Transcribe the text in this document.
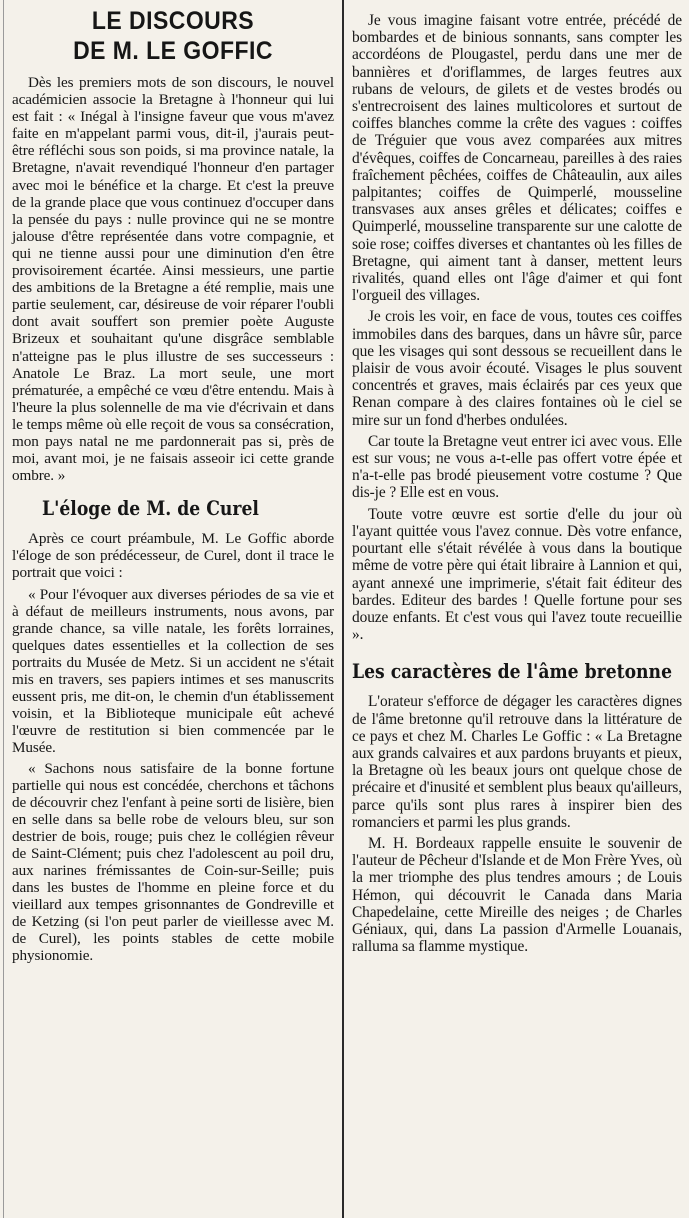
LE DISCOURS
DE M. LE GOFFIC

Dès les premiers mots de son discours, le nouvel académicien associe la Bretagne à l'honneur qui lui est fait : « Inégal à l'insigne faveur que vous m'avez faite en m'appelant parmi vous, dit-il, j'aurais peut-être réfléchi sous son poids, si ma province natale, la Bretagne, n'avait revendiqué l'honneur d'en partager avec moi le bénéfice et la charge. Et c'est la preuve de la grande place que vous continuez d'occuper dans la pensée du pays : nulle province qui ne se montre jalouse d'être représentée dans votre compagnie, et qui ne tienne aussi pour une diminution d'en être provisoirement écartée. Ainsi messieurs, une partie des ambitions de la Bretagne a été remplie, mais une partie seulement, car, désireuse de voir réparer l'oubli dont avait souffert son premier poète Auguste Brizeux et souhaitant qu'une disgrâce semblable n'atteigne pas le plus illustre de ses successeurs : Anatole Le Braz. La mort seule, une mort prématurée, a empêché ce vœu d'être entendu. Mais à l'heure la plus solennelle de ma vie d'écrivain et dans le temps même où elle reçoit de vous sa consécration, mon pays natal ne me pardonnerait pas si, près de moi, avant moi, je ne faisais asseoir ici cette grande ombre. »

L'éloge de M. de Curel

Après ce court préambule, M. Le Goffic aborde l'éloge de son prédécesseur, de Curel, dont il trace le portrait que voici :

« Pour l'évoquer aux diverses périodes de sa vie et à défaut de meilleurs instruments, nous avons, par grande chance, sa ville natale, les forêts lorraines, quelques dates essentielles et la collection de ses portraits du Musée de Metz. Si un accident ne s'était mis en travers, ses papiers intimes et ses manuscrits eussent pris, me dit-on, le chemin d'un établissement voisin, et la Biblioteque municipale eût achevé l'œuvre de restitution si bien commencée par le Musée.

« Sachons nous satisfaire de la bonne fortune partielle qui nous est concédée, cherchons et tâchons de découvrir chez l'enfant à peine sorti de lisière, bien en selle dans sa belle robe de velours bleu, sur son destrier de bois, rouge; puis chez le collégien rêveur de Saint-Clément; puis chez l'adolescent au poil dru, aux narines frémissantes de Coin-sur-Seille; puis dans les bustes de l'homme en pleine force et du vieillard aux tempes grisonnantes de Gondreville et de Ketzing (si l'on peut parler de vieillesse avec M. de Curel), les points stables de cette mobile physionomie.

Je vous imagine faisant votre entrée, précédé de bombardes et de binious sonnants, sans compter les accordéons de Plougastel, perdu dans une mer de bannières et d'oriflammes, de larges feutres aux rubans de velours, de gilets et de vestes brodés ou s'entrecroisent des laines multicolores et surtout de coiffes blanches comme la crête des vagues : coiffes de Tréguier que vous avez comparées aux mitres d'évêques, coiffes de Concarneau, pareilles à des raies fraîchement pêchées, coiffes de Châteaulin, aux ailes palpitantes; coiffes de Quimperlé, mousseline transvases aux anses grêles et délicates; coiffes e Quimperlé, mousseline transparente sur une calotte de soie rose; coiffes diverses et chantantes où les filles de Bretagne, qui aiment tant à danser, mettent leurs rivalités, quand elles ont l'âge d'aimer et qui font l'orgueil des villages.

Je crois les voir, en face de vous, toutes ces coiffes immobiles dans des barques, dans un hâvre sûr, parce que les visages qui sont dessous se recueillent dans le plaisir de vous avoir écouté. Visages le plus souvent concentrés et graves, mais éclairés par ces yeux que Renan compare à des claires fontaines où le ciel se mire sur un fond d'herbes ondulées.

Car toute la Bretagne veut entrer ici avec vous. Elle est sur vous; ne vous a-t-elle pas offert votre épée et n'a-t-elle pas brodé pieusement votre costume ? Que dis-je ? Elle est en vous.

Toute votre œuvre est sortie d'elle du jour où l'ayant quittée vous l'avez connue. Dès votre enfance, pourtant elle s'était révélée à vous dans la boutique même de votre père qui était libraire à Lannion et qui, ayant annexé une imprimerie, s'était fait éditeur des bardes. Editeur des bardes ! Quelle fortune pour ses douze enfants. Et c'est vous qui l'avez toute recueillie ».

Les caractères de l'âme bretonne

L'orateur s'efforce de dégager les caractères dignes de l'âme bretonne qu'il retrouve dans la littérature de ce pays et chez M. Charles Le Goffic : « La Bretagne aux grands calvaires et aux pardons bruyants et pieux, la Bretagne où les beaux jours ont quelque chose de précaire et d'inusité et semblent plus beaux qu'ailleurs, parce qu'ils sont plus rares à inspirer bien des romanciers et parmi les plus grands.

M. H. Bordeaux rappelle ensuite le souvenir de l'auteur de Pêcheur d'Islande et de Mon Frère Yves, où la mer triomphe des plus tendres amours ; de Louis Hémon, qui découvrit le Canada dans Maria Chapedelaine, cette Mireille des neiges ; de Charles Géniaux, qui, dans La passion d'Armelle Louanais, ralluma sa flamme mystique.
